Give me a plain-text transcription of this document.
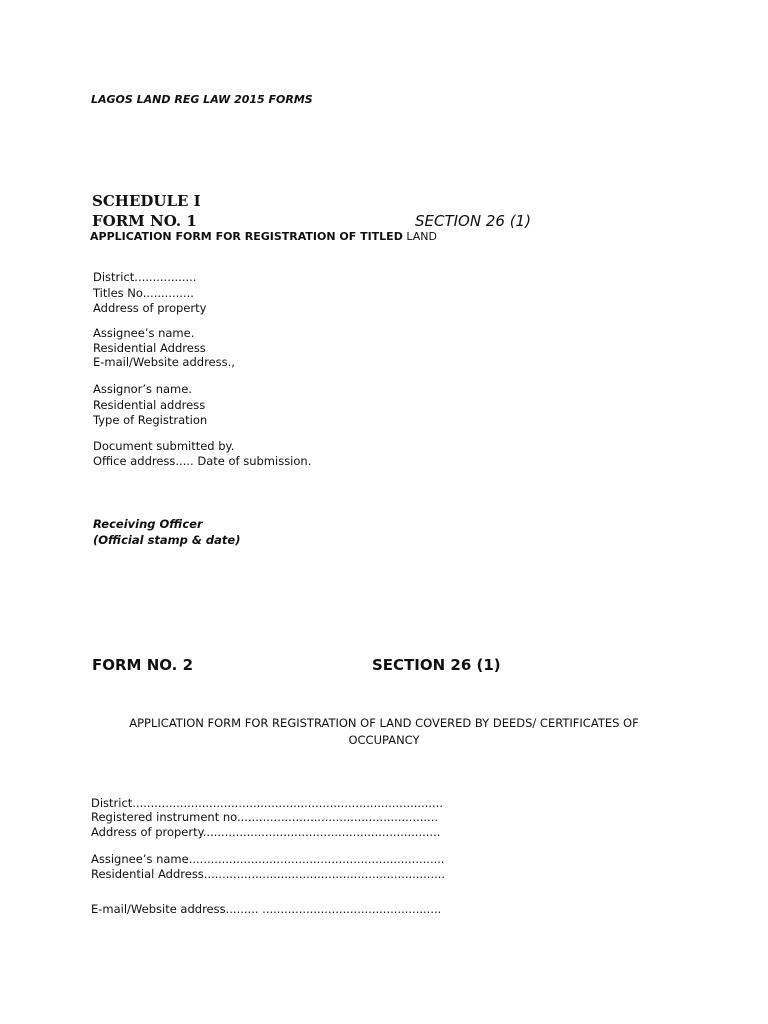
LAGOS LAND REG LAW 2015 FORMS
SCHEDULE I
FORM NO. 1	SECTION 26 (1)
APPLICATION FORM FOR REGISTRATION OF TITLED LAND
District.................
Titles No..............
Address of property
Assignee’s name.
Residential Address
E-mail/Website address.,
Assignor’s name.
Residential address
Type of Registration
Document submitted by.
Office address..... Date of submission.
Receiving Officer
(Official stamp & date)
FORM NO. 2	SECTION 26 (1)
APPLICATION FORM FOR REGISTRATION OF LAND COVERED BY DEEDS/ CERTIFICATES OF OCCUPANCY
District.....................................................................................
Registered instrument no.......................................................
Address of property.................................................................
Assignee’s name......................................................................
Residential Address..................................................................
E-mail/Website address......... .................................................
